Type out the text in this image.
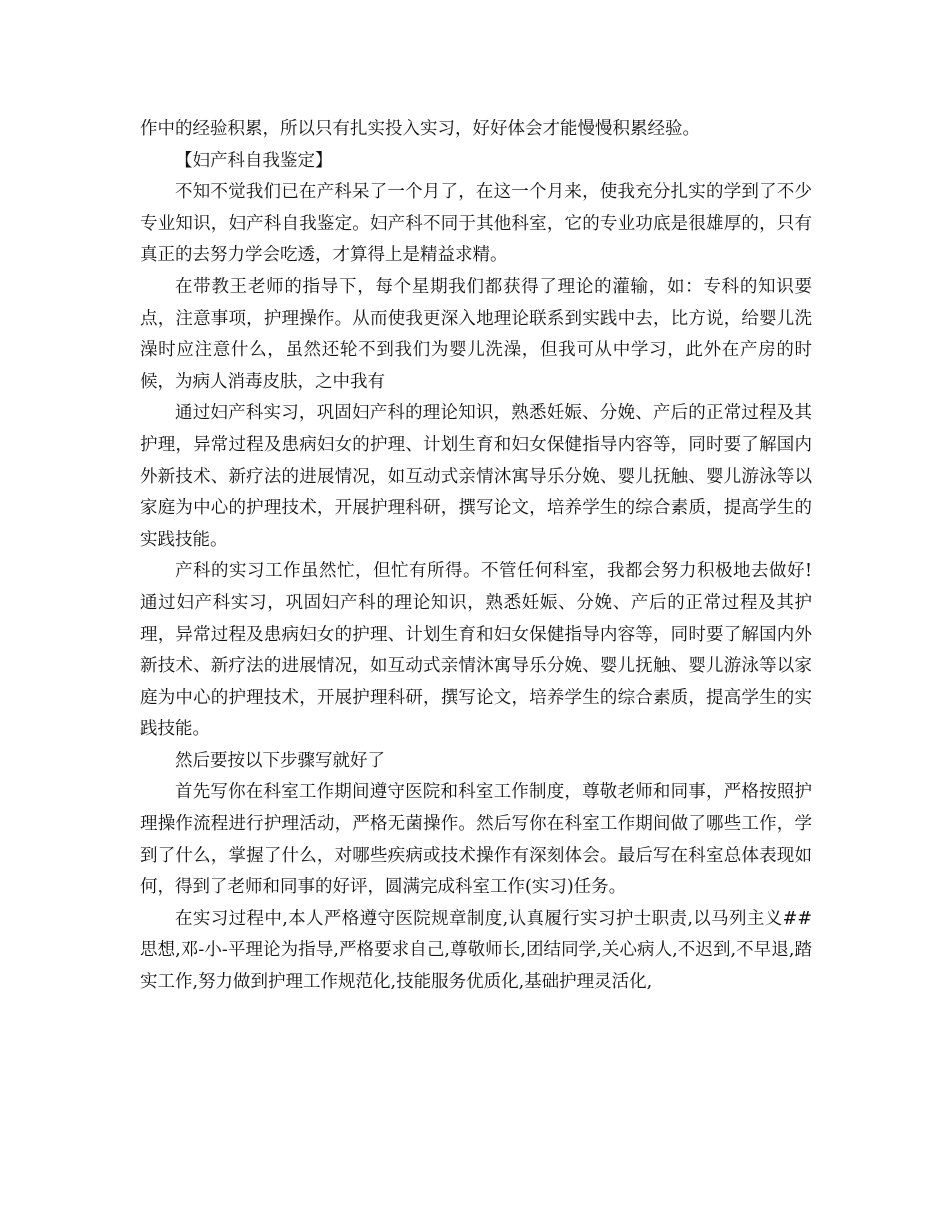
作中的经验积累，所以只有扎实投入实习，好好体会才能慢慢积累经验。

【妇产科自我鉴定】

不知不觉我们已在产科呆了一个月了，在这一个月来，使我充分扎实的学到了不少专业知识，妇产科自我鉴定。妇产科不同于其他科室，它的专业功底是很雄厚的，只有真正的去努力学会吃透，才算得上是精益求精。

在带教王老师的指导下，每个星期我们都获得了理论的灌输，如：专科的知识要点，注意事项，护理操作。从而使我更深入地理论联系到实践中去，比方说，给婴儿洗澡时应注意什么，虽然还轮不到我们为婴儿洗澡，但我可从中学习，此外在产房的时候，为病人消毒皮肤，之中我有

通过妇产科实习，巩固妇产科的理论知识，熟悉妊娠、分娩、产后的正常过程及其护理，异常过程及患病妇女的护理、计划生育和妇女保健指导内容等，同时要了解国内外新技术、新疗法的进展情况，如互动式亲情沐寓导乐分娩、婴儿抚触、婴儿游泳等以家庭为中心的护理技术，开展护理科研，撰写论文，培养学生的综合素质，提高学生的实践技能。

产科的实习工作虽然忙，但忙有所得。不管任何科室，我都会努力积极地去做好!通过妇产科实习，巩固妇产科的理论知识，熟悉妊娠、分娩、产后的正常过程及其护理，异常过程及患病妇女的护理、计划生育和妇女保健指导内容等，同时要了解国内外新技术、新疗法的进展情况，如互动式亲情沐寓导乐分娩、婴儿抚触、婴儿游泳等以家庭为中心的护理技术，开展护理科研，撰写论文，培养学生的综合素质，提高学生的实践技能。

然后要按以下步骤写就好了

首先写你在科室工作期间遵守医院和科室工作制度，尊敬老师和同事，严格按照护理操作流程进行护理活动，严格无菌操作。然后写你在科室工作期间做了哪些工作，学到了什么，掌握了什么，对哪些疾病或技术操作有深刻体会。最后写在科室总体表现如何，得到了老师和同事的好评，圆满完成科室工作(实习)任务。

在实习过程中,本人严格遵守医院规章制度,认真履行实习护士职责,以马列主义##思想,邓-小-平理论为指导,严格要求自己,尊敬师长,团结同学,关心病人,不迟到,不早退,踏实工作,努力做到护理工作规范化,技能服务优质化,基础护理灵活化,
